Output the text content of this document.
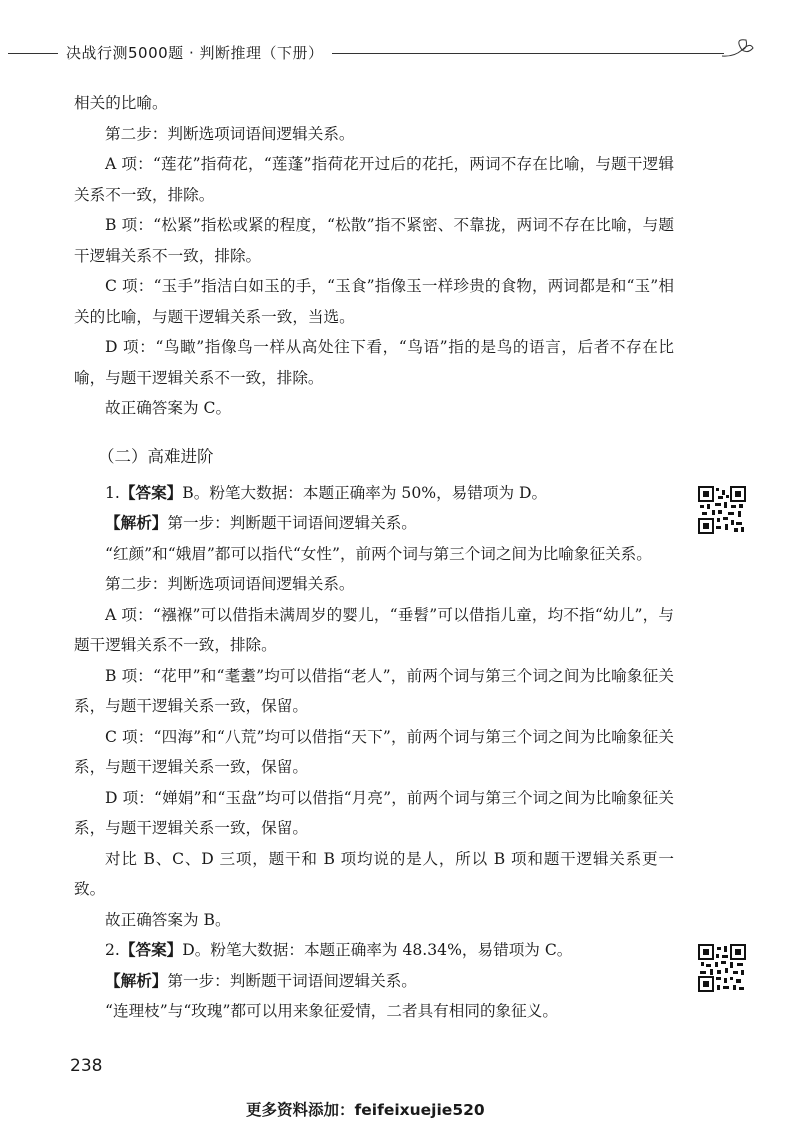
决战行测5000题 · 判断推理（下册）

相关的比喻。

第二步：判断选项词语间逻辑关系。

A 项：“莲花”指荷花，“莲蓬”指荷花开过后的花托，两词不存在比喻，与题干逻辑关系不一致，排除。

B 项：“松紧”指松或紧的程度，“松散”指不紧密、不靠拢，两词不存在比喻，与题干逻辑关系不一致，排除。

C 项：“玉手”指洁白如玉的手，“玉食”指像玉一样珍贵的食物，两词都是和“玉”相关的比喻，与题干逻辑关系一致，当选。

D 项：“鸟瞰”指像鸟一样从高处往下看，“鸟语”指的是鸟的语言，后者不存在比喻，与题干逻辑关系不一致，排除。

故正确答案为 C。

（二）高难进阶

1.【答案】B。粉笔大数据：本题正确率为 50%，易错项为 D。

【解析】第一步：判断题干词语间逻辑关系。

“红颜”和“娥眉”都可以指代“女性”，前两个词与第三个词之间为比喻象征关系。

第二步：判断选项词语间逻辑关系。

A 项：“襁褓”可以借指未满周岁的婴儿，“垂髫”可以借指儿童，均不指“幼儿”，与题干逻辑关系不一致，排除。

B 项：“花甲”和“耄耋”均可以借指“老人”，前两个词与第三个词之间为比喻象征关系，与题干逻辑关系一致，保留。

C 项：“四海”和“八荒”均可以借指“天下”，前两个词与第三个词之间为比喻象征关系，与题干逻辑关系一致，保留。

D 项：“婵娟”和“玉盘”均可以借指“月亮”，前两个词与第三个词之间为比喻象征关系，与题干逻辑关系一致，保留。

对比 B、C、D 三项，题干和 B 项均说的是人，所以 B 项和题干逻辑关系更一致。

故正确答案为 B。

2.【答案】D。粉笔大数据：本题正确率为 48.34%，易错项为 C。

【解析】第一步：判断题干词语间逻辑关系。

“连理枝”与“玫瑰”都可以用来象征爱情，二者具有相同的象征义。

238
更多资料添加：feifeixuejie520
